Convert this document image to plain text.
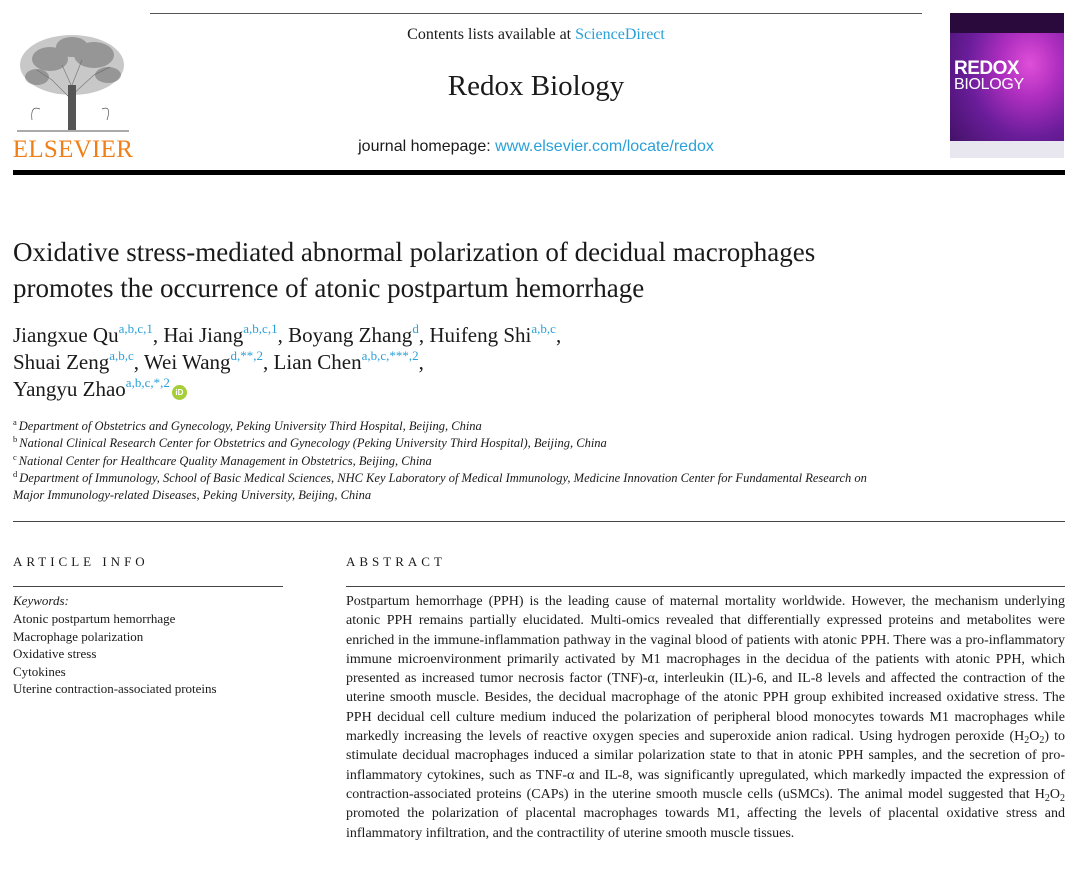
ELSEVIER
Contents lists available at ScienceDirect
Redox Biology
journal homepage: www.elsevier.com/locate/redox
REDOX
BIOLOGY
Oxidative stress-mediated abnormal polarization of decidual macrophages
promotes the occurrence of atonic postpartum hemorrhage
Jiangxue Qu$^{a,b,c,1}$, Hai Jiang$^{a,b,c,1}$, Boyang Zhang$^d$, Huifeng Shi$^{a,b,c}$,
Shuai Zeng$^{a,b,c}$, Wei Wang$^{d,**,2}$, Lian Chen$^{a,b,c,***,2}$,
Yangyu Zhao$^{a,b,c,*,2}$iD
$^a$ Department of Obstetrics and Gynecology, Peking University Third Hospital, Beijing, China
$^b$ National Clinical Research Center for Obstetrics and Gynecology (Peking University Third Hospital), Beijing, China
$^c$ National Center for Healthcare Quality Management in Obstetrics, Beijing, China
$^d$ Department of Immunology, School of Basic Medical Sciences, NHC Key Laboratory of Medical Immunology, Medicine Innovation Center for Fundamental Research on
Major Immunology-related Diseases, Peking University, Beijing, China
ARTICLE INFO
Keywords:
Atonic postpartum hemorrhage
Macrophage polarization
Oxidative stress
Cytokines
Uterine contraction-associated proteins
ABSTRACT
Postpartum hemorrhage (PPH) is the leading cause of maternal mortality worldwide. However, the mechanism underlying atonic PPH remains partially elucidated. Multi-omics revealed that differentially expressed proteins and metabolites were enriched in the immune-inflammation pathway in the vaginal blood of patients with atonic PPH. There was a pro-inflammatory immune microenvironment primarily activated by M1 macrophages in the decidua of the patients with atonic PPH, which presented as increased tumor necrosis factor (TNF)-α, interleukin (IL)-6, and IL-8 levels and affected the contraction of the uterine smooth muscle. Besides, the decidual macrophage of the atonic PPH group exhibited increased oxidative stress. The PPH decidual cell culture medium induced the polarization of peripheral blood monocytes towards M1 macrophages while markedly increasing the levels of reactive oxygen species and superoxide anion radical. Using hydrogen peroxide $(H_2O_2)$ to stimulate decidual macrophages induced a similar polarization state to that in atonic PPH samples, and the secretion of pro-inflammatory cytokines, such as TNF-α and IL-8, was significantly upregulated, which markedly impacted the expression of contraction-associated proteins (CAPs) in the uterine smooth muscle cells (uSMCs). The animal model suggested that $H_2O_2$ promoted the polarization of placental macrophages towards M1, affecting the levels of placental oxidative stress and inflammatory infiltration, and the contractility of uterine smooth muscle tissues.
